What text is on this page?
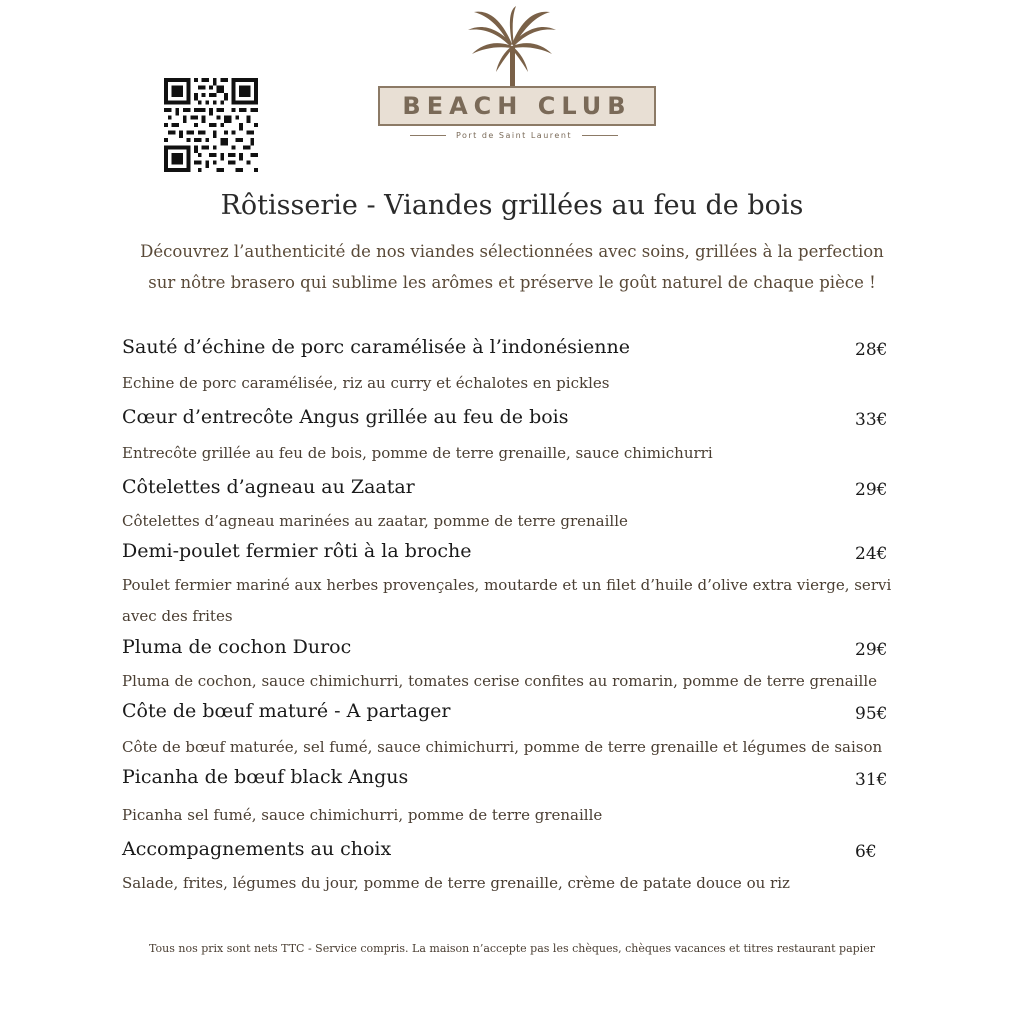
BEACH CLUB
Port de Saint Laurent
Rôtisserie - Viandes grillées au feu de bois
Découvrez l’authenticité de nos viandes sélectionnées avec soins, grillées à la perfection
sur nôtre brasero qui sublime les arômes et préserve le goût naturel de chaque pièce !
Sauté d’échine de porc caramélisée à l’indonésienne	28€
Echine de porc caramélisée, riz au curry et échalotes en pickles
Cœur d’entrecôte Angus grillée au feu de bois	33€
Entrecôte grillée au feu de bois, pomme de terre grenaille, sauce chimichurri
Côtelettes d’agneau au Zaatar	29€
Côtelettes d’agneau marinées au zaatar, pomme de terre grenaille
Demi-poulet fermier rôti à la broche	24€
Poulet fermier mariné aux herbes provençales, moutarde et un filet d’huile d’olive extra vierge, servi avec des frites
Pluma de cochon Duroc	29€
Pluma de cochon, sauce chimichurri, tomates cerise confites au romarin, pomme de terre grenaille
Côte de bœuf maturé - A partager	95€
Côte de bœuf maturée, sel fumé, sauce chimichurri, pomme de terre grenaille et légumes de saison
Picanha de bœuf black Angus	31€
Picanha sel fumé, sauce chimichurri, pomme de terre grenaille
Accompagnements au choix	6€
Salade, frites, légumes du jour, pomme de terre grenaille, crème de patate douce ou riz
Tous nos prix sont nets TTC - Service compris. La maison n’accepte pas les chèques, chèques vacances et titres restaurant papier
